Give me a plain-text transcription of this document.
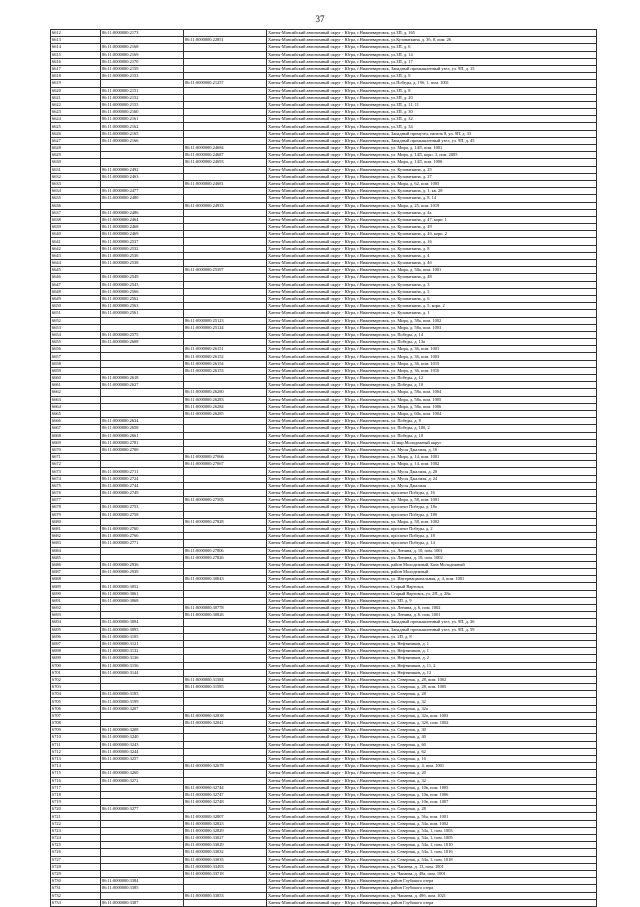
37
6612	86:11:0000000:2173		Ханты-Мансийский автономный округ - Югра, г.Нижневартовск, ул.ЗП, д. 165
6613		86:11:0000000:22851	Ханты-Мансийский автономный округ - Югра, г.Нижневартовск, ул.Кузоваткина, д. 3б, 8, пом. 26
6614	86:11:0000000:2168		Ханты-Мансийский автономный округ - Югра, г.Нижневартовск, ул.ЗП, д. 6
6615	86:11:0000000:2169		Ханты-Мансийский автономный округ - Югра, г.Нижневартовск, ул.ЗП, д. 14
6616	86:11:0000000:2170		Ханты-Мансийский автономный округ - Югра, г.Нижневартовск, ул.ЗП, д. 17
6617	86:11:0000000:2159		Ханты-Мансийский автономный округ - Югра, г.Нижневартовск, Западный промышленный узел, ул. 9П, д. 15
6618	86:11:0000000:2153		Ханты-Мансийский автономный округ - Югра, г.Нижневартовск, ул.ЗП, д. 9
6619		86:11:0000000:21257	Ханты-Мансийский автономный округ - Югра, г.Нижневартовск, ул.Победы, д. 19б, 1, пом. 1001
6620	86:11:0000000:2151		Ханты-Мансийский автономный округ - Югра, г.Нижневартовск, ул.ЗП, д. 8
6621	86:11:0000000:2152		Ханты-Мансийский автономный округ - Югра, г.Нижневартовск, ул.ЗП, д. 20
6622	86:11:0000000:2155		Ханты-Мансийский автономный округ - Югра, г.Нижневартовск, ул.ЗП, д. 11, 11
6623	86:11:0000000:2160		Ханты-Мансийский автономный округ - Югра, г.Нижневартовск, ул.ЗП, д. 30
6624	86:11:0000000:2161		Ханты-Мансийский автономный округ - Югра, г.Нижневартовск, ул.ЗП, д. 32
6625	86:11:0000000:2162		Ханты-Мансийский автономный округ - Югра, г.Нижневартовск, ул.ЗП, д. 34
6626	86:11:0000000:2165		Ханты-Мансийский автономный округ - Югра, г.Нижневартовск, Западный промузел, панель 8, ул. 9П, д. 33
6627	86:11:0000000:2166		Ханты-Мансийский автономный округ - Югра, г.Нижневартовск, Западный промышленный узел, ул. 9П, д. 45
6628		86:11:0000000:24684	Ханты-Мансийский автономный округ - Югра, г.Нижневартовск, ул. Мира, д. 14Л, пом. 1001
6629		86:11:0000000:24687	Ханты-Мансийский автономный округ - Югра, г.Нижневартовск, ул. Мира, д. 14Л, корп. 3, пом. 2005
6630		86:11:0000000:24693	Ханты-Мансийский автономный округ - Югра, г.Нижневартовск, ул. Мира, д. 14Л, пом. 1006
6631	86:11:0000000:2492		Ханты-Мансийский автономный округ - Югра, г.Нижневартовск, ул. Кузоваткина, д. 25
6632	86:11:0000000:2463		Ханты-Мансийский автономный округ - Югра, г.Нижневартовск, ул. Кузоваткина, д. 27
6633		86:11:0000000:24681	Ханты-Мансийский автономный округ - Югра, г.Нижневартовск, ул. Мира, д. 62, пом. 1005
6634	86:11:0000000:2477		Ханты-Мансийский автономный округ - Югра, г.Нижневартовск, ул. Кузоваткина, д. 1, кв. 28
6635	86:11:0000000:2480		Ханты-Мансийский автономный округ - Югра, г.Нижневартовск, ул. Кузоваткина, д. 8, 14
6636		86:11:0000000:24933	Ханты-Мансийский автономный округ - Югра, г.Нижневартовск, ул. Мира, д. 25, пом. 1019
6637	86:11:0000000:2486		Ханты-Мансийский автономный округ - Югра, г.Нижневартовск, ул. Кузоваткина, д. 4а
6638	86:11:0000000:2464		Ханты-Мансийский автономный округ - Югра, г.Нижневартовск, ул. Кузоваткина, д. 47, корп. 1
6639	86:11:0000000:2468		Ханты-Мансийский автономный округ - Югра, г.Нижневартовск, ул. Кузоваткина, д. 49
6640	86:11:0000000:2469		Ханты-Мансийский автономный округ - Югра, г.Нижневартовск, ул. Кузоваткина, д. 4б, корп. 2
6641	86:11:0000000:2537		Ханты-Мансийский автономный округ - Югра, г.Нижневартовск, ул. Кузоваткина, д. 16
6642	86:11:0000000:2532		Ханты-Мансийский автономный округ - Югра, г.Нижневартовск, ул. Кузоваткина, д. 8
6643	86:11:0000000:2536		Ханты-Мансийский автономный округ - Югра, г.Нижневартовск, ул. Кузоваткина, д. 4
6644	86:11:0000000:2538		Ханты-Мансийский автономный округ - Югра, г.Нижневартовск, ул. Кузоваткина, д. 4б
6645		86:11:0000000:25397	Ханты-Мансийский автономный округ - Югра, г.Нижневартовск, ул. Мира, д. 58а, пом. 1001
6646	86:11:0000000:2549		Ханты-Мансийский автономный округ - Югра, г.Нижневартовск, ул. Кузоваткина, д. 48
6647	86:11:0000000:2543		Ханты-Мансийский автономный округ - Югра, г.Нижневартовск, ул. Кузоваткина, д. 3
6648	86:11:0000000:2566		Ханты-Мансийский автономный округ - Югра, г.Нижневартовск, ул. Кузоваткина, д. 5
6649	86:11:0000000:2562		Ханты-Мансийский автономный округ - Югра, г.Нижневартовск, ул. Кузоваткина, д. 6
6650	86:11:0000000:2563		Ханты-Мансийский автономный округ - Югра, г.Нижневартовск, ул. Кузоваткина, д. 5, корп. 2
6651	86:11:0000000:2561		Ханты-Мансийский автономный округ - Югра, г.Нижневартовск, ул. Кузоваткина, д. 1
6652		86:11:0000000:25123	Ханты-Мансийский автономный округ - Югра, г.Нижневартовск, ул. Мира, д. 58а, пом. 1002
6653		86:11:0000000:25124	Ханты-Мансийский автономный округ - Югра, г.Нижневартовск, ул. Мира, д. 58а, пом. 1003
6654	86:11:0000000:2575		Ханты-Мансийский автономный округ - Югра, г.Нижневартовск, ул. Победы, д. 14
6655	86:11:0000000:2608		Ханты-Мансийский автономный округ - Югра, г.Нижневартовск, ул. Победы, д. 13а
6656		86:11:0000000:26151	Ханты-Мансийский автономный округ - Югра, г.Нижневартовск, ул. Мира, д. 36, пом. 1001
6657		86:11:0000000:26152	Ханты-Мансийский автономный округ - Югра, г.Нижневартовск, ул. Мира, д. 36, пом. 1003
6658		86:11:0000000:26154	Ханты-Мансийский автономный округ - Югра, г.Нижневартовск, ул. Мира, д. 36, пом. 1015
6659		86:11:0000000:26153	Ханты-Мансийский автономный округ - Югра, г.Нижневартовск, ул. Мира, д. 36, пом. 1016
6660	86:11:0000000:2618		Ханты-Мансийский автономный округ - Югра, г.Нижневартовск, ул. Победы, д. 12
6661	86:11:0000000:2627		Ханты-Мансийский автономный округ - Югра, г.Нижневартовск, ул. Победы, д. 10
6662		86:11:0000000:26280	Ханты-Мансийский автономный округ - Югра, г.Нижневартовск, ул. Мира, д. 58а, пом. 1004
6663		86:11:0000000:26283	Ханты-Мансийский автономный округ - Югра, г.Нижневартовск, ул. Мира, д. 58а, пом. 1005
6664		86:11:0000000:26284	Ханты-Мансийский автономный округ - Югра, г.Нижневартовск, ул. Мира, д. 58а, пом. 1006
6665		86:11:0000000:26285	Ханты-Мансийский автономный округ - Югра, г.Нижневартовск, ул. Мира, д. 60а, пом. 1004
6666	86:11:0000000:2634		Ханты-Мансийский автономный округ - Югра, г.Нижневартовск, ул. Победы, д. 8
6667	86:11:0000000:2658		Ханты-Мансийский автономный округ - Югра, г.Нижневартовск, ул. Победы, д. 10б, 2
6668	86:11:0000000:2661		Ханты-Мансийский автономный округ - Югра, г.Нижневартовск, ул. Победы, д. 10
6669	86:11:0000000:2781		Ханты-Мансийский автономный округ - Югра, г.Нижневартовск, 12 мкр.Молодежный округ
6670	86:11:0000000:2700		Ханты-Мансийский автономный округ - Югра, г.Нижневартовск, ул. Мусы Джалиля, д. 16
6671		86:11:0000000:27066	Ханты-Мансийский автономный округ - Югра, г.Нижневартовск, ул. Мира, д. 14, пом. 1001
6672		86:11:0000000:27067	Ханты-Мансийский автономный округ - Югра, г.Нижневартовск, ул. Мира, д. 14, пом. 1002
6673	86:11:0000000:2711		Ханты-Мансийский автономный округ - Югра, г.Нижневартовск, ул. Мусы Джалиля, д. 20
6674	86:11:0000000:2724		Ханты-Мансийский автономный округ - Югра, г.Нижневартовск, ул. Мусы Джалиля, д. 24
6675	86:11:0000000:2744		Ханты-Мансийский автономный округ - Югра, г.Нижневартовск, ул. Мусы Джалиля
6676	86:11:0000000:2749		Ханты-Мансийский автономный округ - Югра, г.Нижневартовск, проспект Победы, д. 16
6677		86:11:0000000:27505	Ханты-Мансийский автономный округ - Югра, г.Нижневартовск, ул. Мира, д. 58, пом. 1001
6678	86:11:0000000:2753		Ханты-Мансийский автономный округ - Югра, г.Нижневартовск, проспект Победы, д. 18а
6679	86:11:0000000:2758		Ханты-Мансийский автономный округ - Югра, г.Нижневартовск, проспект Победы, д. 18б
6680		86:11:0000000:27828	Ханты-Мансийский автономный округ - Югра, г.Нижневартовск, ул. Мира, д. 58, пом. 1002
6681	86:11:0000000:2760		Ханты-Мансийский автономный округ - Югра, г.Нижневартовск, проспект Победы, д. 2
6682	86:11:0000000:2766		Ханты-Мансийский автономный округ - Югра, г.Нижневартовск, проспект Победы, д. 18
6683	86:11:0000000:2771		Ханты-Мансийский автономный округ - Югра, г.Нижневартовск, проспект Победы, д. 14
6684		86:11:0000000:27806	Ханты-Мансийский автономный округ - Югра, г.Нижневартовск, ул. Ленина, д. 10, пом. 1001
6685		86:11:0000000:27826	Ханты-Мансийский автономный округ - Югра, г.Нижневартовск, ул. Ленина, д. 10, пом. 1002
6686	86:11:0000000:2936		Ханты-Мансийский автономный округ - Югра, г.Нижневартовск, район Молодежный, База Молодежный
6687	86:11:0000000:2939		Ханты-Мансийский автономный округ - Югра, г.Нижневартовск, район Молодежный
6688		86:11:0000000:30043	Ханты-Мансийский автономный округ - Югра, г.Нижневартовск, ул. Интернациональная, д. 4, пом. 1001
6689	86:11:0000000:3052		Ханты-Мансийский автономный округ - Югра, г.Нижневартовск, Старый Вартовск
6690	86:11:0000000:3061		Ханты-Мансийский автономный округ - Югра, г.Нижневартовск, Старый Вартовск, ул. 2П, д. 28а
6691	86:11:0000000:3068		Ханты-Мансийский автономный округ - Югра, г.Нижневартовск, ул. ЗП, д. 9
6692		86:11:0000000:30778	Ханты-Мансийский автономный округ - Югра, г.Нижневартовск, ул. Ленина, д. 6, пом. 1002
6693		86:11:0000000:30826	Ханты-Мансийский автономный округ - Югра, г.Нижневартовск, ул. Ленина, д. 6, пом. 1001
6694	86:11:0000000:3084		Ханты-Мансийский автономный округ - Югра, г.Нижневартовск, Западный промышленный узел, ул. 9П, д. 36
6695	86:11:0000000:3095		Ханты-Мансийский автономный округ - Югра, г.Нижневартовск, Западный промышленный узел, ул. 9П, д. 59
6696	86:11:0000000:3105		Ханты-Мансийский автономный округ - Югра, г.Нижневартовск, ул. 2П, д. 8
6697	86:11:0000000:3121		Ханты-Мансийский автономный округ - Югра, г.Нижневартовск, ул. Нефтяников, д. 1
6698	86:11:0000000:3132		Ханты-Мансийский автономный округ - Югра, г.Нижневартовск, ул. Нефтяников, д. 1
6699	86:11:0000000:3136		Ханты-Мансийский автономный округ - Югра, г.Нижневартовск, ул. Нефтяников, д. 2
6700	86:11:0000000:3156		Ханты-Мансийский автономный округ - Югра, г.Нижневартовск, ул. Нефтяников, д. 11, 2
6701	86:11:0000000:3144		Ханты-Мансийский автономный округ - Югра, г.Нижневартовск, ул. Нефтяников, д. 12
6702		86:11:0000000:31584	Ханты-Мансийский автономный округ - Югра, г.Нижневартовск, ул. Северная, д. 28, пом. 1002
6703		86:11:0000000:31585	Ханты-Мансийский автономный округ - Югра, г.Нижневартовск, ул. Северная, д. 28, пом. 1005
6704	86:11:0000000:3185		Ханты-Мансийский автономный округ - Югра, г.Нижневартовск, ул. Северная, д. 28
6705	86:11:0000000:3199		Ханты-Мансийский автономный округ - Югра, г.Нижневартовск, ул. Северная, д. 32
6706	86:11:0000000:3207		Ханты-Мансийский автономный округ - Югра, г.Нижневартовск, ул. Северная, д. 32а
6707		86:11:0000000:32038	Ханты-Мансийский автономный округ - Югра, г.Нижневартовск, ул. Северная, д. 32а, пом. 1003
6708		86:11:0000000:32041	Ханты-Мансийский автономный округ - Югра, г.Нижневартовск, ул. Северная, д. 32б, пом. 1002
6709	86:11:0000000:3208		Ханты-Мансийский автономный округ - Югра, г.Нижневартовск, ул. Северная, д. 30
6710	86:11:0000000:3240		Ханты-Мансийский автономный округ - Югра, г.Нижневартовск, ул. Северная, д. 40
6711	86:11:0000000:3243		Ханты-Мансийский автономный округ - Югра, г.Нижневартовск, ул. Северная, д. 60
6712	86:11:0000000:3244		Ханты-Мансийский автономный округ - Югра, г.Нижневартовск, ул. Северная, д. 62
6713	86:11:0000000:3257		Ханты-Мансийский автономный округ - Югра, г.Нижневартовск, ул. Северная, д. 16
6714		86:11:0000000:32678	Ханты-Мансийский автономный округ - Югра, г.Нижневартовск, ул. Северная, д. 4, пом. 1001
6715	86:11:0000000:3260		Ханты-Мансийский автономный округ - Югра, г.Нижневартовск, ул. Северная, д. 20
6716	86:11:0000000:3272		Ханты-Мансийский автономный округ - Югра, г.Нижневартовск, ул. Северная, д. 32
6717		86:11:0000000:32744	Ханты-Мансийский автономный округ - Югра, г.Нижневартовск, ул. Северная, д. 10в, пом. 1005
6718		86:11:0000000:32747	Ханты-Мансийский автономный округ - Югра, г.Нижневартовск, ул. Северная, д. 10в, пом. 1006
6719		86:11:0000000:32748	Ханты-Мансийский автономный округ - Югра, г.Нижневартовск, ул. Северная, д. 10в, пом. 1007
6720	86:11:0000000:3277		Ханты-Мансийский автономный округ - Югра, г.Нижневартовск, ул. Северная, д. 28
6721		86:11:0000000:32807	Ханты-Мансийский автономный округ - Югра, г.Нижневартовск, ул. Северная, д. 56а, пом. 1001
6722		86:11:0000000:32823	Ханты-Мансийский автономный округ - Югра, г.Нижневартовск, ул. Северная, д. 54а, пом. 1002
6723		86:11:0000000:32829	Ханты-Мансийский автономный округ - Югра, г.Нижневартовск, ул. Северная, д. 54а, 1, пом. 1003
6724		86:11:0000000:33027	Ханты-Мансийский автономный округ - Югра, г.Нижневартовск, ул. Северная, д. 54а, 1, пом. 1005
6725		86:11:0000000:33029	Ханты-Мансийский автономный округ - Югра, г.Нижневартовск, ул. Северная, д. 54а, 1, пом. 1010
6726		86:11:0000000:33032	Ханты-Мансийский автономный округ - Югра, г.Нижневартовск, ул. Северная, д. 54а, 1, пом. 1016
6727		86:11:0000000:33035	Ханты-Мансийский автономный округ - Югра, г.Нижневартовск, ул. Северная, д. 54а, 1, пом. 1018
6728		86:11:0000000:33493	Ханты-Мансийский автономный округ - Югра, г.Нижневартовск, ул. Чапаева, д. 13, пом. 1001
6729		86:11:0000000:33718	Ханты-Мансийский автономный округ - Югра, г.Нижневартовск, ул. Чапаева, д. 49а, пом. 1001
6730	86:11:0000000:3384		Ханты-Мансийский автономный округ - Югра, г.Нижневартовск, район Глубокого озера
6731	86:11:0000000:3385		Ханты-Мансийский автономный округ - Югра, г.Нижневартовск, район Глубокого озера
6732		86:11:0000000:33853	Ханты-Мансийский автономный округ - Югра, г.Нижневартовск, ул. Чапаева, д. 49б, пом. 1021
6733	86:11:0000000:3387		Ханты-Мансийский автономный округ - Югра, г.Нижневартовск, район Глубокого озера
